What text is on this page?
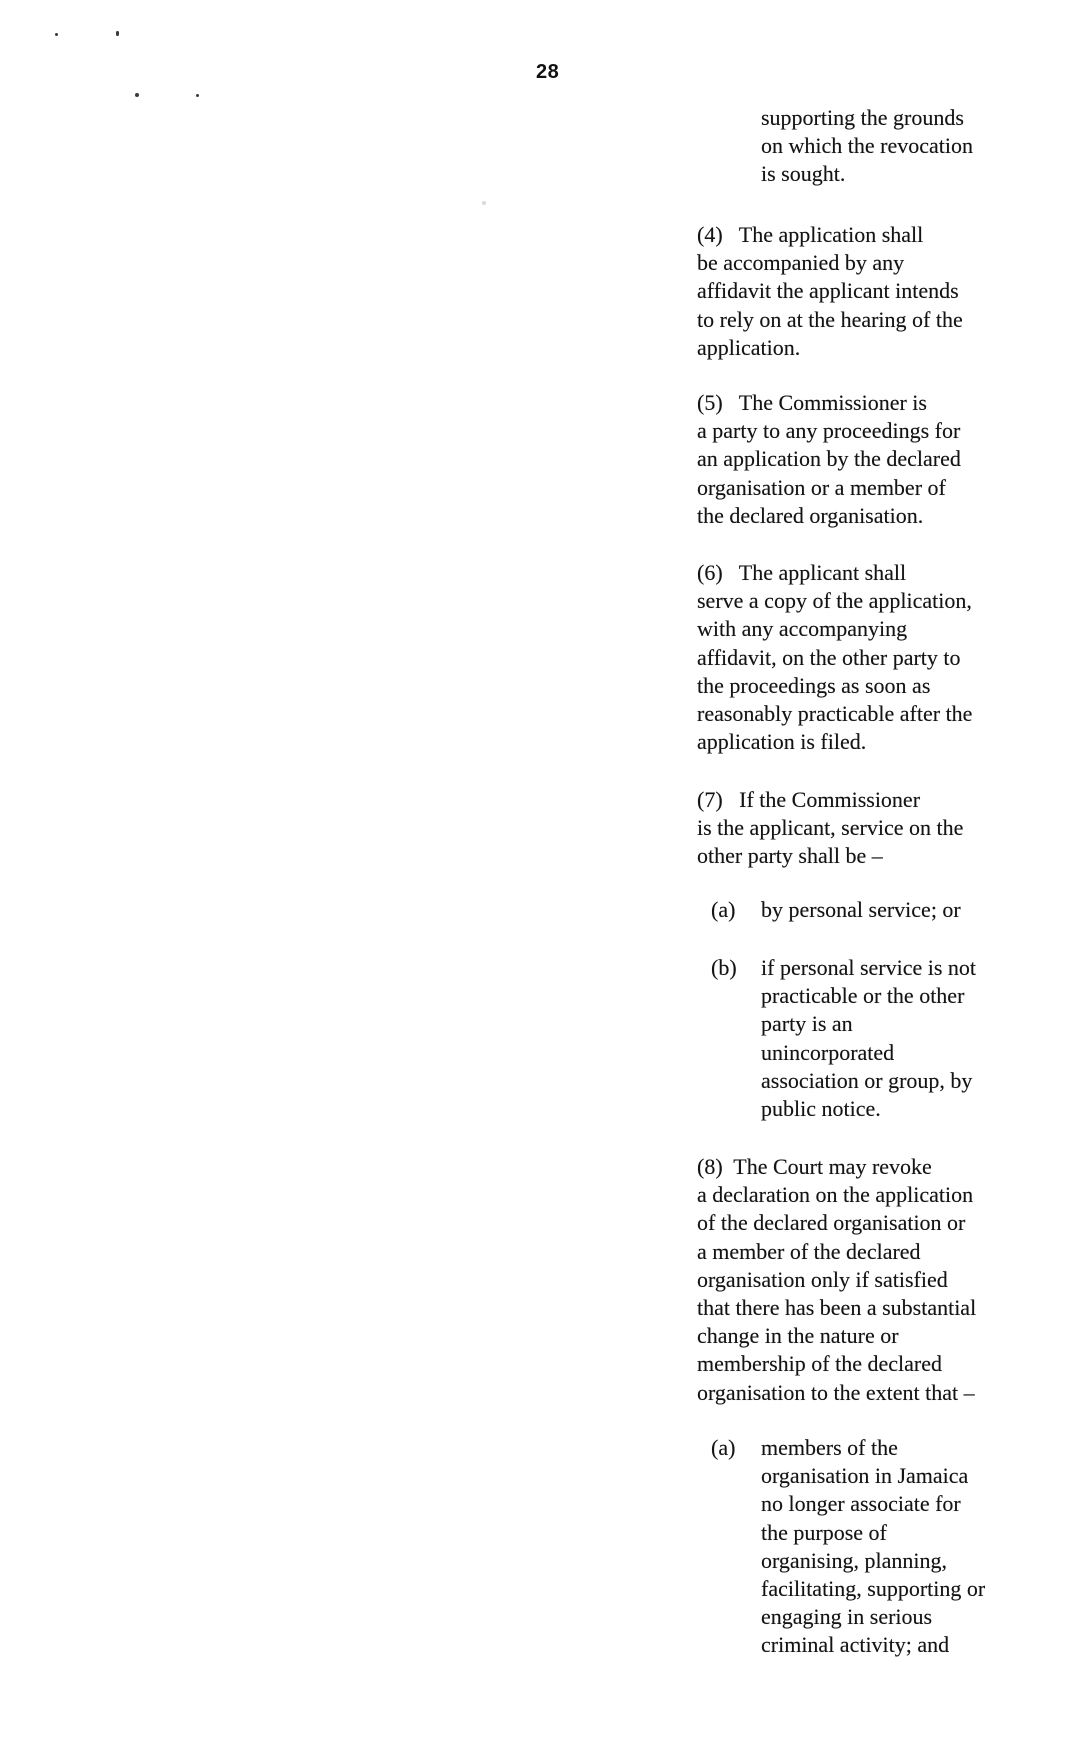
28
supporting the grounds
on which the revocation
is sought.
(4)   The application shall
be accompanied by any
affidavit the applicant intends
to rely on at the hearing of the
application.
(5)   The Commissioner is
a party to any proceedings for
an application by the declared
organisation or a member of
the declared organisation.
(6)   The applicant shall
serve a copy of the application,
with any accompanying
affidavit, on the other party to
the proceedings as soon as
reasonably practicable after the
application is filed.
(7)   If the Commissioner
is the applicant, service on the
other party shall be –
(a) by personal service; or
(b) if personal service is not
practicable or the other
party is an
unincorporated
association or group, by
public notice.
(8)  The Court may revoke
a declaration on the application
of the declared organisation or
a member of the declared
organisation only if satisfied
that there has been a substantial
change in the nature or
membership of the declared
organisation to the extent that –
(a) members of the
organisation in Jamaica
no longer associate for
the purpose of
organising, planning,
facilitating, supporting or
engaging in serious
criminal activity; and
